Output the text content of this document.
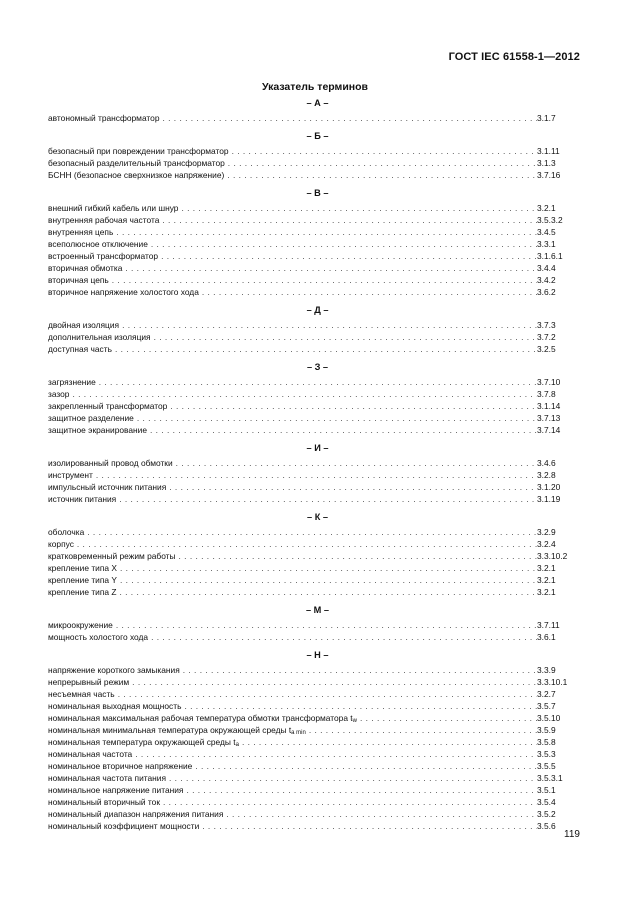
ГОСТ IEC 61558-1—2012
Указатель терминов
– А –
автономный трансформатор . . .	3.1.7
– Б –
безопасный при повреждении трансформатор . . .	3.1.11
безопасный разделительный трансформатор . . .	3.1.3
БСНН (безопасное сверхнизкое напряжение) . . .	3.7.16
– В –
внешний гибкий кабель или шнур . . .	3.2.1
внутренняя рабочая частота . . .	3.5.3.2
внутренняя цепь . . .	3.4.5
всеполюсное отключение . . .	3.3.1
встроенный трансформатор . . .	3.1.6.1
вторичная обмотка . . .	3.4.4
вторичная цепь . . .	3.4.2
вторичное напряжение холостого хода . . .	3.6.2
– Д –
двойная изоляция . . .	3.7.3
дополнительная изоляция . . .	3.7.2
доступная часть . . .	3.2.5
– З –
загрязнение . . .	3.7.10
зазор . . .	3.7.8
закрепленный трансформатор . . .	3.1.14
защитное разделение . . .	3.7.13
защитное экранирование . . .	3.7.14
– И –
изолированный провод обмотки . . .	3.4.6
инструмент . . .	3.2.8
импульсный источник питания . . .	3.1.20
источник питания . . .	3.1.19
– К –
оболочка . . .	3.2.9
корпус . . .	3.2.4
кратковременный режим работы . . .	3.3.10.2
крепление типа X . . .	3.2.1
крепление типа Y . . .	3.2.1
крепление типа Z . . .	3.2.1
– М –
микроокружение . . .	3.7.11
мощность холостого хода . . .	3.6.1
– Н –
напряжение короткого замыкания . . .	3.3.9
непрерывный режим . . .	3.3.10.1
несъемная часть . . .	3.2.7
номинальная выходная мощность . . .	3.5.7
номинальная максимальная рабочая температура обмотки трансформатора $t_w$ . . .	3.5.10
номинальная минимальная температура окружающей среды $t_{a min}$ . . .	3.5.9
номинальная температура окружающей среды $t_a$ . . .	3.5.8
номинальная частота . . .	3.5.3
номинальное вторичное напряжение . . .	3.5.5
номинальная частота питания . . .	3.5.3.1
номинальное напряжение питания . . .	3.5.1
номинальный вторичный ток . . .	3.5.4
номинальный диапазон напряжения питания . . .	3.5.2
номинальный коэффициент мощности . . .	3.5.6
119
